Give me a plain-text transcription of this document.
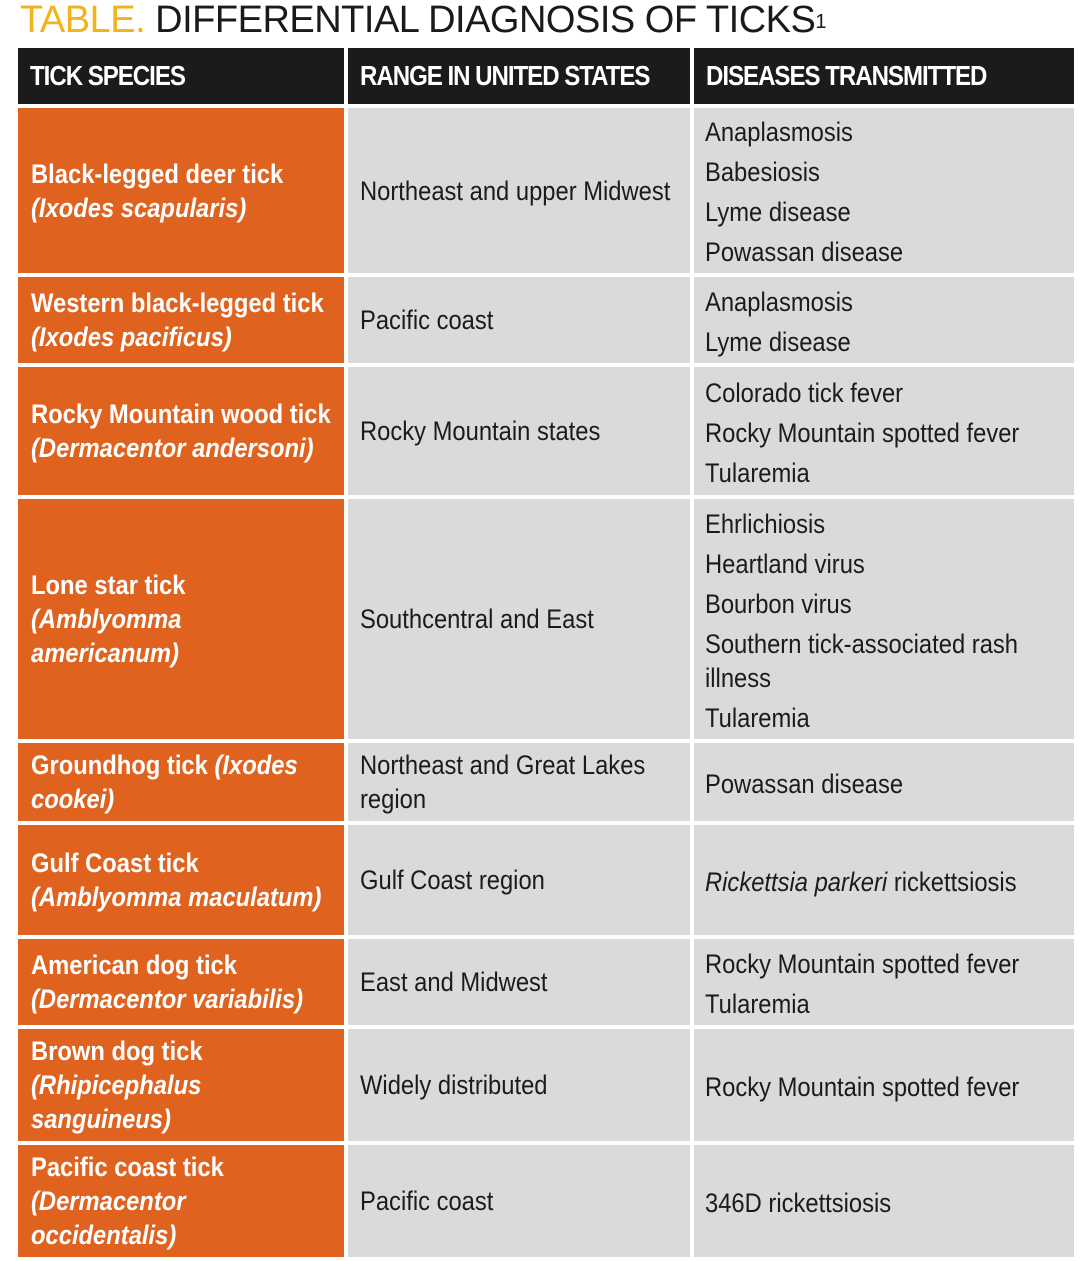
TABLE. DIFFERENTIAL DIAGNOSIS OF TICKS$^1$
TICK SPECIES	RANGE IN UNITED STATES	DISEASES TRANSMITTED
Black-legged deer tick (Ixodes scapularis)	Northeast and upper Midwest	Anaplasmosis
Babesiosis
Lyme disease
Powassan disease

Western black-legged tick (Ixodes pacificus)	Pacific coast	Anaplasmosis
Lyme disease

Rocky Mountain wood tick (Dermacentor andersoni)	Rocky Mountain states	Colorado tick fever
Rocky Mountain spotted fever
Tularemia

Lone star tick (Amblyomma americanum)	Southcentral and East	Ehrlichiosis
Heartland virus
Bourbon virus
Southern tick-associated rash illness
Tularemia

Groundhog tick (Ixodes cookei)	Northeast and Great Lakes region	Powassan disease

Gulf Coast tick (Amblyomma maculatum)	Gulf Coast region	Rickettsia parkeri rickettsiosis

American dog tick (Dermacentor variabilis)	East and Midwest	Rocky Mountain spotted fever
Tularemia

Brown dog tick (Rhipicephalus sanguineus)	Widely distributed	Rocky Mountain spotted fever

Pacific coast tick (Dermacentor occidentalis)	Pacific coast	346D rickettsiosis
